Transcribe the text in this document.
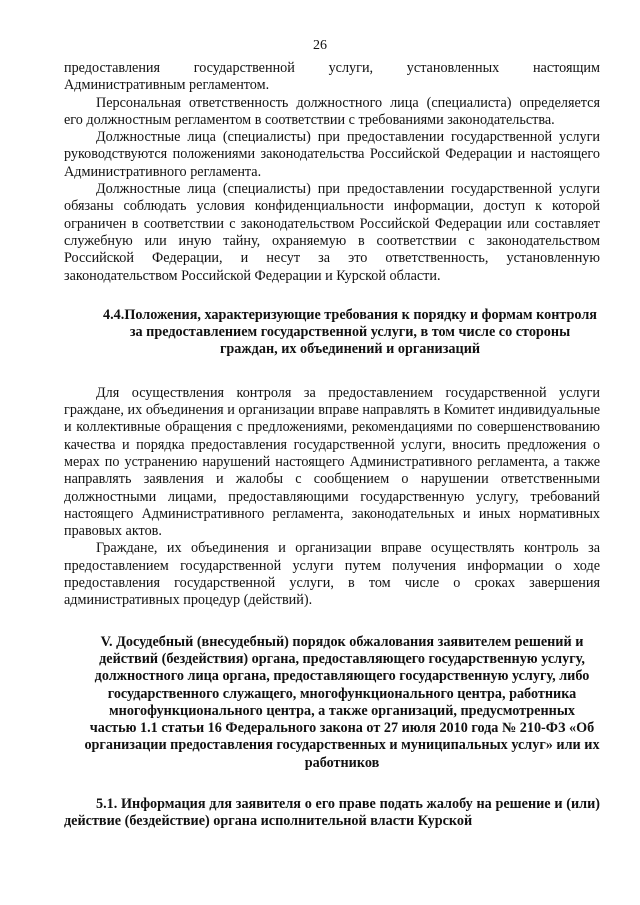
26

предоставления государственной услуги, установленных настоящим Административным регламентом.

Персональная ответственность должностного лица (специалиста) определяется его должностным регламентом в соответствии с требованиями законодательства.

Должностные лица (специалисты) при предоставлении государственной услуги руководствуются положениями законодательства Российской Федерации и настоящего Административного регламента.

Должностные лица (специалисты) при предоставлении государственной услуги обязаны соблюдать условия конфиденциальности информации, доступ к которой ограничен в соответствии с законодательством Российской Федерации или составляет служебную или иную тайну, охраняемую в соответствии с законодательством Российской Федерации, и несут за это ответственность, установленную законодательством Российской Федерации и Курской области.

4.4.Положения, характеризующие требования к порядку и формам контроля за предоставлением государственной услуги, в том числе со стороны граждан, их объединений и организаций

Для осуществления контроля за предоставлением государственной услуги граждане, их объединения и организации вправе направлять в Комитет индивидуальные и коллективные обращения с предложениями, рекомендациями по совершенствованию качества и порядка предоставления государственной услуги, вносить предложения о мерах по устранению нарушений настоящего Административного регламента, а также направлять заявления и жалобы с сообщением о нарушении ответственными должностными лицами, предоставляющими государственную услугу, требований настоящего Административного регламента, законодательных и иных нормативных правовых актов.

Граждане, их объединения и организации вправе осуществлять контроль за предоставлением государственной услуги путем получения информации о ходе предоставления государственной услуги, в том числе о сроках завершения административных процедур (действий).

V. Досудебный (внесудебный) порядок обжалования заявителем решений и действий (бездействия) органа, предоставляющего государственную услугу, должностного лица органа, предоставляющего государственную услугу, либо государственного служащего, многофункционального центра, работника многофункционального центра, а также организаций, предусмотренных частью 1.1 статьи 16 Федерального закона от 27 июля 2010 года № 210-ФЗ «Об организации предоставления государственных и муниципальных услуг» или их работников

5.1. Информация для заявителя о его праве подать жалобу на решение и (или) действие (бездействие) органа исполнительной власти Курской
